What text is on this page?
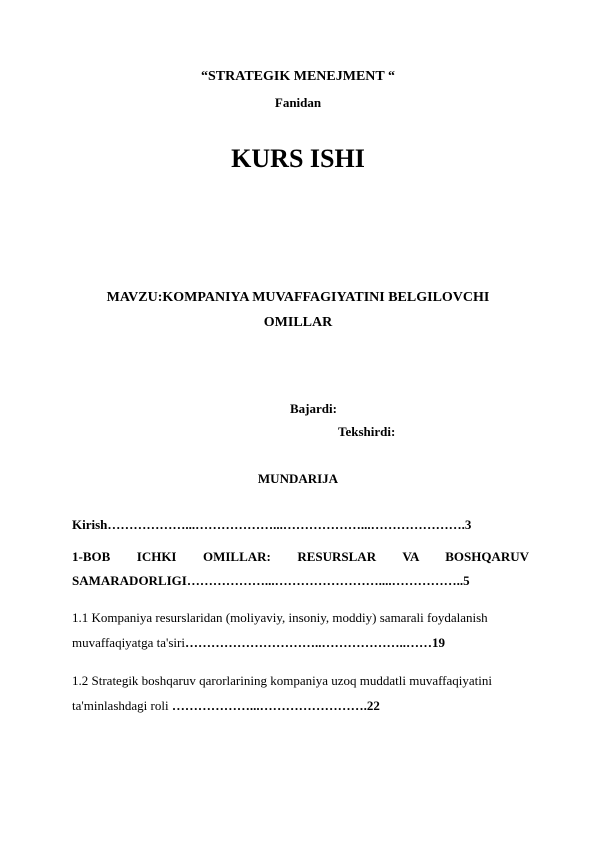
“STRATEGIK MENEJMENT “
Fanidan
KURS ISHI
MAVZU:KOMPANIYA MUVAFFAGIYATINI BELGILOVCHI
OMILLAR
Bajardi:
Tekshirdi:
MUNDARIJA
Kirish………………...………………...………………...………………….3
1-BOB ICHKI OMILLAR: RESURSLAR VA BOSHQARUV
SAMARADORLIGI………………...……………………....……………..5
1.1 Kompaniya resurslaridan (moliyaviy, insoniy, moddiy) samarali foydalanish
muvaffaqiyatga ta'siri…………………………..………………..……19
1.2 Strategik boshqaruv qarorlarining kompaniya uzoq muddatli muvaffaqiyatini
ta'minlashdagi roli ………………...…………………….22
